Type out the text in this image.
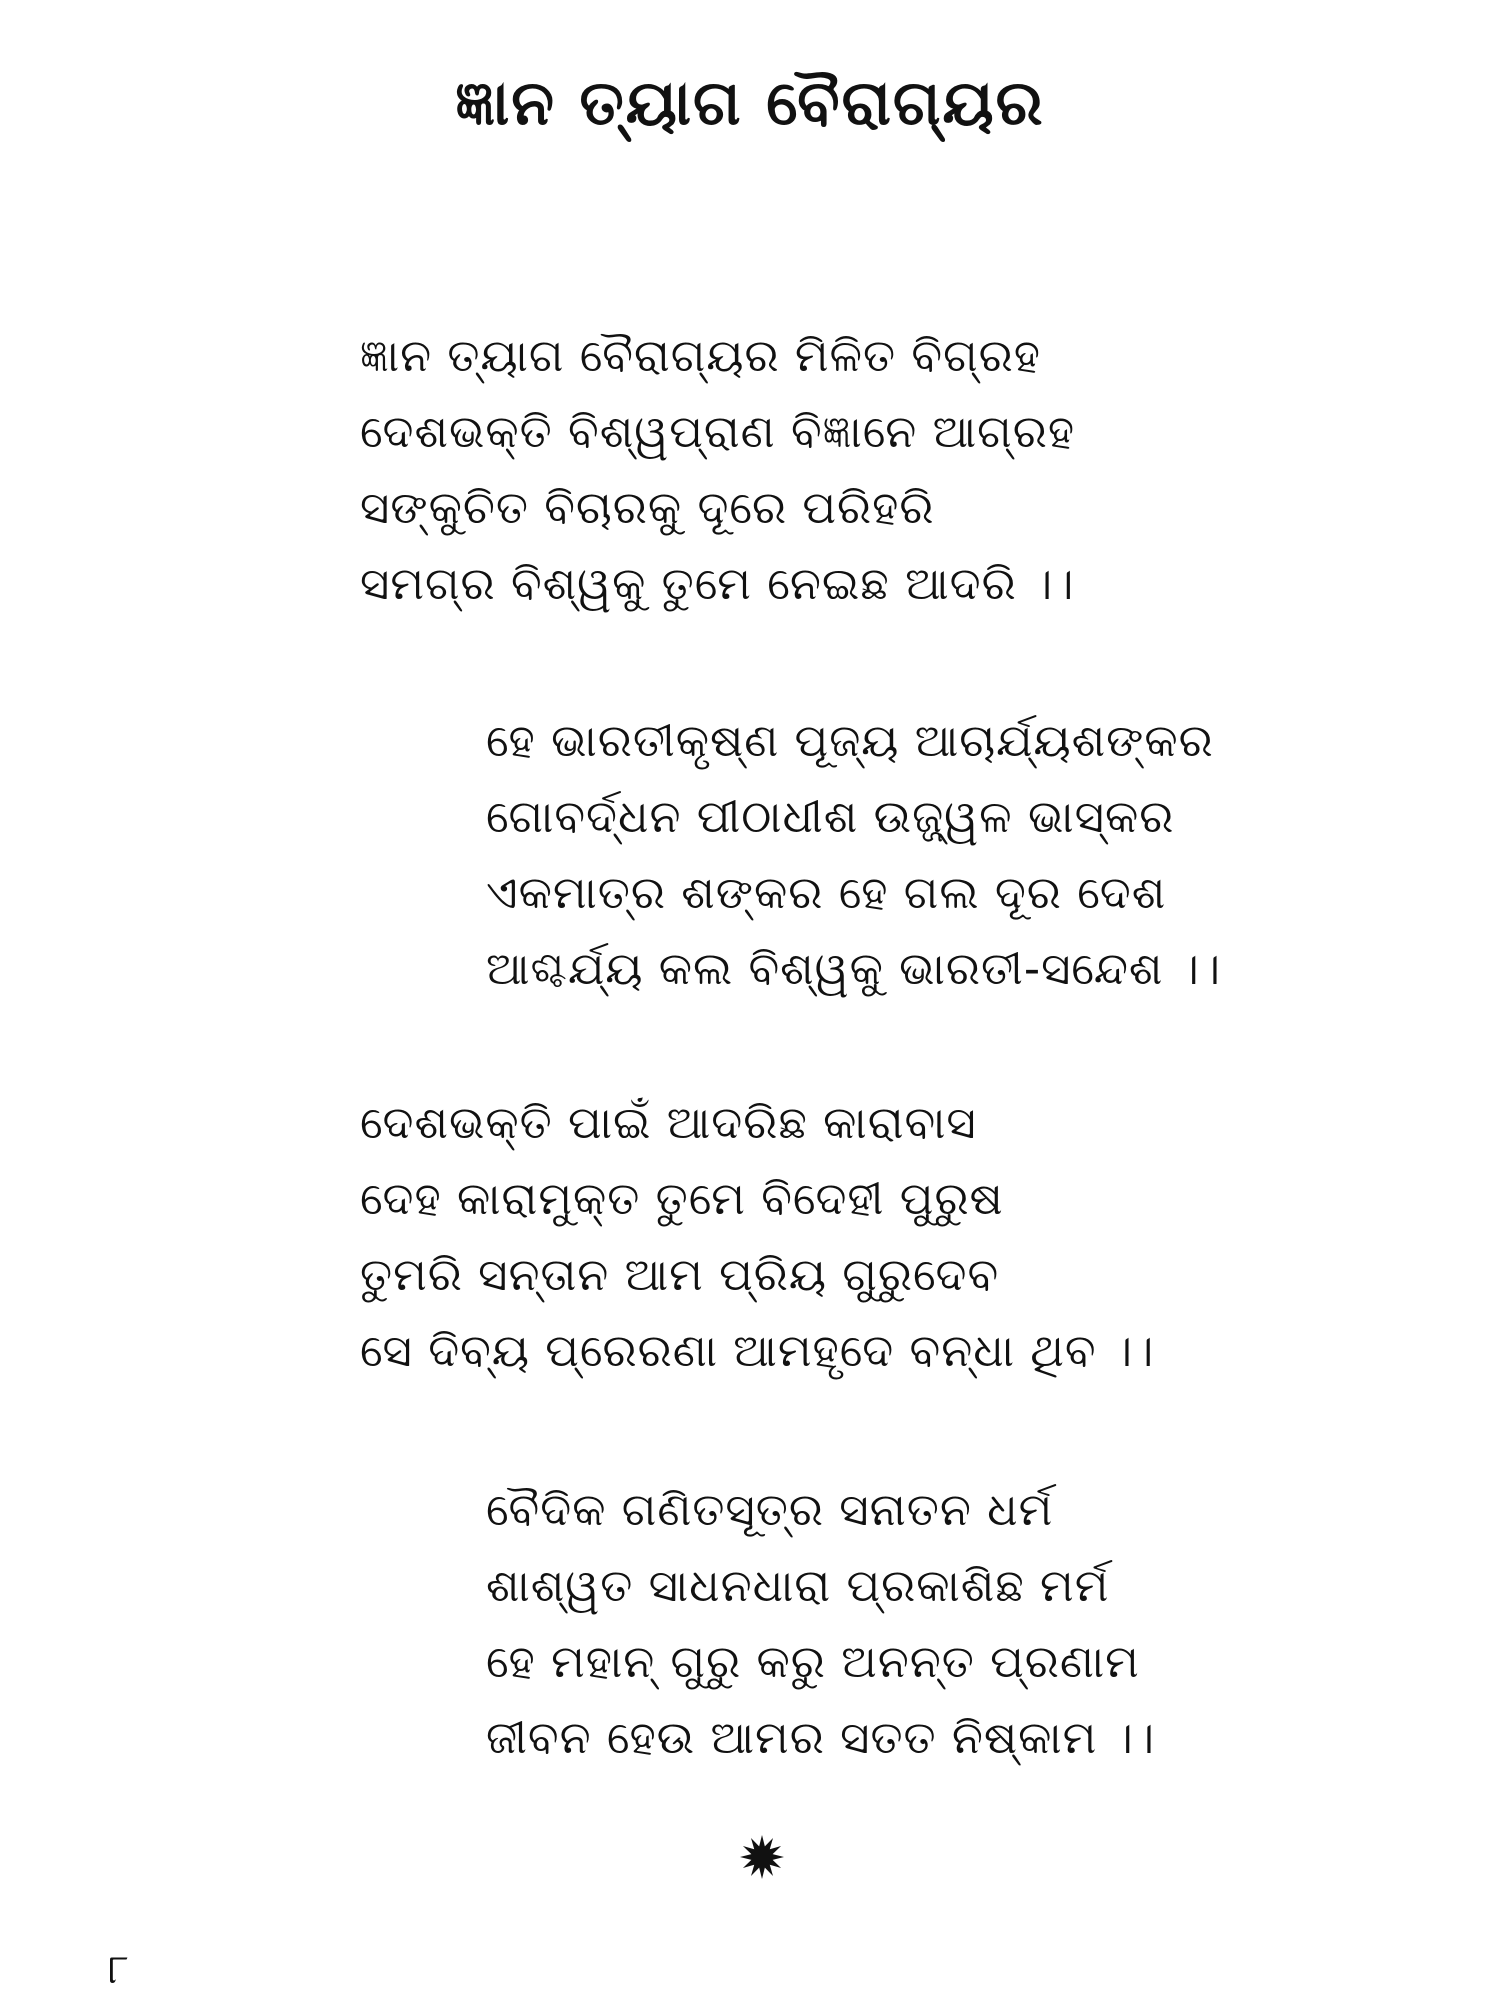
ଜ୍ଞାନ ତ୍ୟାଗ ବୈରାଗ୍ୟର
ଜ୍ଞାନ ତ୍ୟାଗ ବୈରାଗ୍ୟର ମିଳିତ ବିଗ୍ରହ
ଦେଶଭକ୍ତି ବିଶ୍ୱପ୍ରାଣ ବିଜ୍ଞାନେ ଆଗ୍ରହ
ସଙ୍କୁଚିତ ବିଚାରକୁ ଦୂରେ ପରିହରି
ସମଗ୍ର ବିଶ୍ୱକୁ ତୁମେ ନେଇଛ ଆଦରି ।।
ହେ ଭାରତୀକୃଷ୍ଣ ପୂଜ୍ୟ ଆଚାର୍ଯ୍ୟଶଙ୍କର
ଗୋବର୍ଦ୍ଧନ ପୀଠାଧୀଶ ଉଜ୍ଜ୍ୱଳ ଭାସ୍କର
ଏକମାତ୍ର ଶଙ୍କର ହେ ଗଲ ଦୂର ଦେଶ
ଆଶ୍ଚର୍ଯ୍ୟ କଲ ବିଶ୍ୱକୁ ଭାରତୀ-ସନ୍ଦେଶ ।।
ଦେଶଭକ୍ତି ପାଇଁ ଆଦରିଛ କାରାବାସ
ଦେହ କାରାମୁକ୍ତ ତୁମେ ବିଦେହୀ ପୁରୁଷ
ତୁମରି ସନ୍ତାନ ଆମ ପ୍ରିୟ ଗୁରୁଦେବ
ସେ ଦିବ୍ୟ ପ୍ରେରଣା ଆମହୃଦେ ବନ୍ଧା ଥିବ ।।
ବୈଦିକ ଗଣିତସୂତ୍ର ସନାତନ ଧର୍ମ
ଶାଶ୍ୱତ ସାଧନଧାରା ପ୍ରକାଶିଛ ମର୍ମ
ହେ ମହାନ୍ ଗୁରୁ କରୁ ଅନନ୍ତ ପ୍ରଣାମ
ଜୀବନ ହେଉ ଆମର ସତତ ନିଷ୍କାମ ।।
୮
